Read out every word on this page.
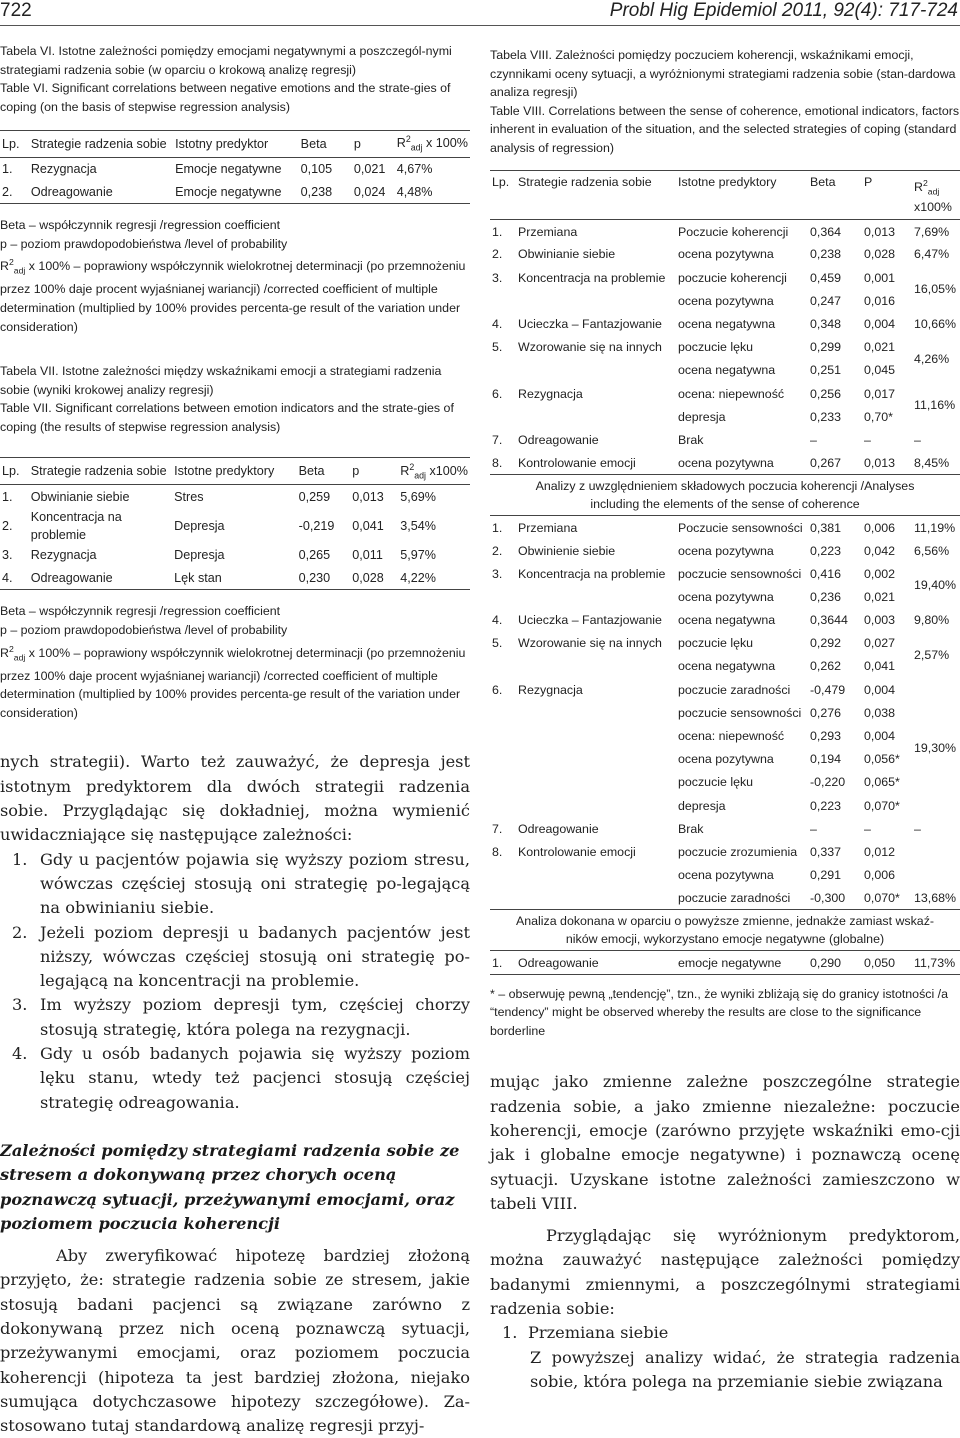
722	Probl Hig Epidemiol 2011, 92(4): 717-724
Tabela VI. Istotne zależności pomiędzy emocjami negatywnymi a poszczegól-nymi strategiami radzenia sobie (w oparciu o krokową analizę regresji)
Table VI. Significant correlations between negative emotions and the strate-gies of coping (on the basis of stepwise regression analysis)
Lp.	Strategie radzenia sobie	Istotny predyktor	Beta	p	$R^2_{adj}$ x 100%
1.	Rezygnacja	Emocje negatywne	0,105	0,021	4,67%
2.	Odreagowanie	Emocje negatywne	0,238	0,024	4,48%
Beta – współczynnik regresji /regression coefficient
p – poziom prawdopodobieństwa /level of probability
$R^2_{adj}$ x 100% – poprawiony współczynnik wielokrotnej determinacji (po przemnożeniu przez 100% daje procent wyjaśnianej wariancji) /corrected coefficient of multiple determination (multiplied by 100% provides percenta-ge result of the variation under consideration)
Tabela VII. Istotne zależności między wskaźnikami emocji a strategiami radzenia sobie (wyniki krokowej analizy regresji)
Table VII. Significant correlations between emotion indicators and the strate-gies of coping (the results of stepwise regression analysis)
Lp.	Strategie radzenia sobie	Istotne predyktory	Beta	p	$R^2_{adj}$ x100%
1.	Obwinianie siebie	Stres	0,259	0,013	5,69%
2.	Koncentracja na problemie	Depresja	-0,219	0,041	3,54%
3.	Rezygnacja	Depresja	0,265	0,011	5,97%
4.	Odreagowanie	Lęk stan	0,230	0,028	4,22%
Beta – współczynnik regresji /regression coefficient
p – poziom prawdopodobieństwa /level of probability
$R^2_{adj}$ x 100% – poprawiony współczynnik wielokrotnej determinacji (po przemnożeniu przez 100% daje procent wyjaśnianej wariancji) /corrected coefficient of multiple determination (multiplied by 100% provides percenta-ge result of the variation under consideration)
nych strategii). Warto też zauważyć, że depresja jest istotnym predyktorem dla dwóch strategii radzenia sobie. Przyglądając się dokładniej, można wymienić uwidaczniające się następujące zależności:
1. Gdy u pacjentów pojawia się wyższy poziom stresu, wówczas częściej stosują oni strategię po-legającą na obwinianiu siebie.
2. Jeżeli poziom depresji u badanych pacjentów jest niższy, wówczas częściej stosują oni strategię po-legającą na koncentracji na problemie.
3. Im wyższy poziom depresji tym, częściej chorzy stosują strategię, która polega na rezygnacji.
4. Gdy u osób badanych pojawia się wyższy poziom lęku stanu, wtedy też pacjenci stosują częściej strategię odreagowania.
Zależności pomiędzy strategiami radzenia sobie ze stresem a dokonywaną przez chorych oceną poznawczą sytuacji, przeżywanymi emocjami, oraz poziomem poczucia koherencji
Aby zweryfikować hipotezę bardziej złożoną przyjęto, że: strategie radzenia sobie ze stresem, jakie stosują badani pacjenci są związane zarówno z dokonywaną przez nich oceną poznawczą sytuacji, przeżywanymi emocjami, oraz poziomem poczucia koherencji (hipoteza ta jest bardziej złożona, niejako sumująca dotychczasowe hipotezy szczegółowe). Za-stosowano tutaj standardową analizę regresji przyj-
Tabela VIII. Zależności pomiędzy poczuciem koherencji, wskaźnikami emocji, czynnikami oceny sytuacji, a wyróżnionymi strategiami radzenia sobie (stan-dardowa analiza regresji)
Table VIII. Correlations between the sense of coherence, emotional indicators, factors inherent in evaluation of the situation, and the selected strategies of coping (standard analysis of regression)
Lp.	Strategie radzenia sobie	Istotne predyktory	Beta	P	$R^2_{adj}$
x100%
1.	Przemiana	Poczucie koherencji	0,364	0,013	7,69%
2.	Obwinianie siebie	ocena pozytywna	0,238	0,028	6,47%
3.	Koncentracja na problemie	poczucie koherencji	0,459	0,001	16,05%
		ocena pozytywna	0,247	0,016	
4.	Ucieczka – Fantazjowanie	ocena negatywna	0,348	0,004	10,66%
5.	Wzorowanie się na innych	poczucie lęku	0,299	0,021	4,26%
		ocena negatywna	0,251	0,045	
6.	Rezygnacja	ocena: niepewność	0,256	0,017	11,16%
		depresja	0,233	0,70*	
7.	Odreagowanie	Brak	–	–	–
8.	Kontrolowanie emocji	ocena pozytywna	0,267	0,013	8,45%
Analizy z uwzględnieniem składowych poczucia koherencji /Analyses including the elements of the sense of coherence					
1.	Przemiana	Poczucie sensowności	0,381	0,006	11,19%
2.	Obwinienie siebie	ocena pozytywna	0,223	0,042	6,56%
3.	Koncentracja na problemie	poczucie sensowności	0,416	0,002	19,40%
		ocena pozytywna	0,236	0,021	
4.	Ucieczka – Fantazjowanie	ocena negatywna	0,3644	0,003	9,80%
5.	Wzorowanie się na innych	poczucie lęku	0,292	0,027	2,57%
		ocena negatywna	0,262	0,041	
6.	Rezygnacja	poczucie zaradności	-0,479	0,004	19,30%
		poczucie sensowności	0,276	0,038	
		ocena: niepewność	0,293	0,004	
		ocena pozytywna	0,194	0,056*	
		poczucie lęku	-0,220	0,065*	
		depresja	0,223	0,070*	
7.	Odreagowanie	Brak	–	–	–
8.	Kontrolowanie emocji	poczucie zrozumienia	0,337	0,012	
		ocena pozytywna	0,291	0,006	
		poczucie zaradności	-0,300	0,070*	13,68%
Analiza dokonana w oparciu o powyższe zmienne, jednakże zamiast wskaź-ników emocji, wykorzystano emocje negatywne (globalne)					
1.	Odreagowanie	emocje negatywne	0,290	0,050	11,73%
* – obserwuję pewną „tendencję”, tzn., że wyniki zbliżają się do granicy istotności /a “tendency” might be observed whereby the results are close to the significance borderline
mując jako zmienne zależne poszczególne strategie radzenia sobie, a jako zmienne niezależne: poczucie koherencji, emocje (zarówno przyjęte wskaźniki emo-cji jak i globalne emocje negatywne) i poznawczą ocenę sytuacji. Uzyskane istotne zależności zamieszczono w tabeli VIII.
Przyglądając się wyróżnionym predyktorom, można zauważyć następujące zależności pomiędzy badanymi zmiennymi, a poszczególnymi strategiami radzenia sobie:
1. Przemiana siebie
Z powyższej analizy widać, że strategia radzenia sobie, która polega na przemianie siebie związana
